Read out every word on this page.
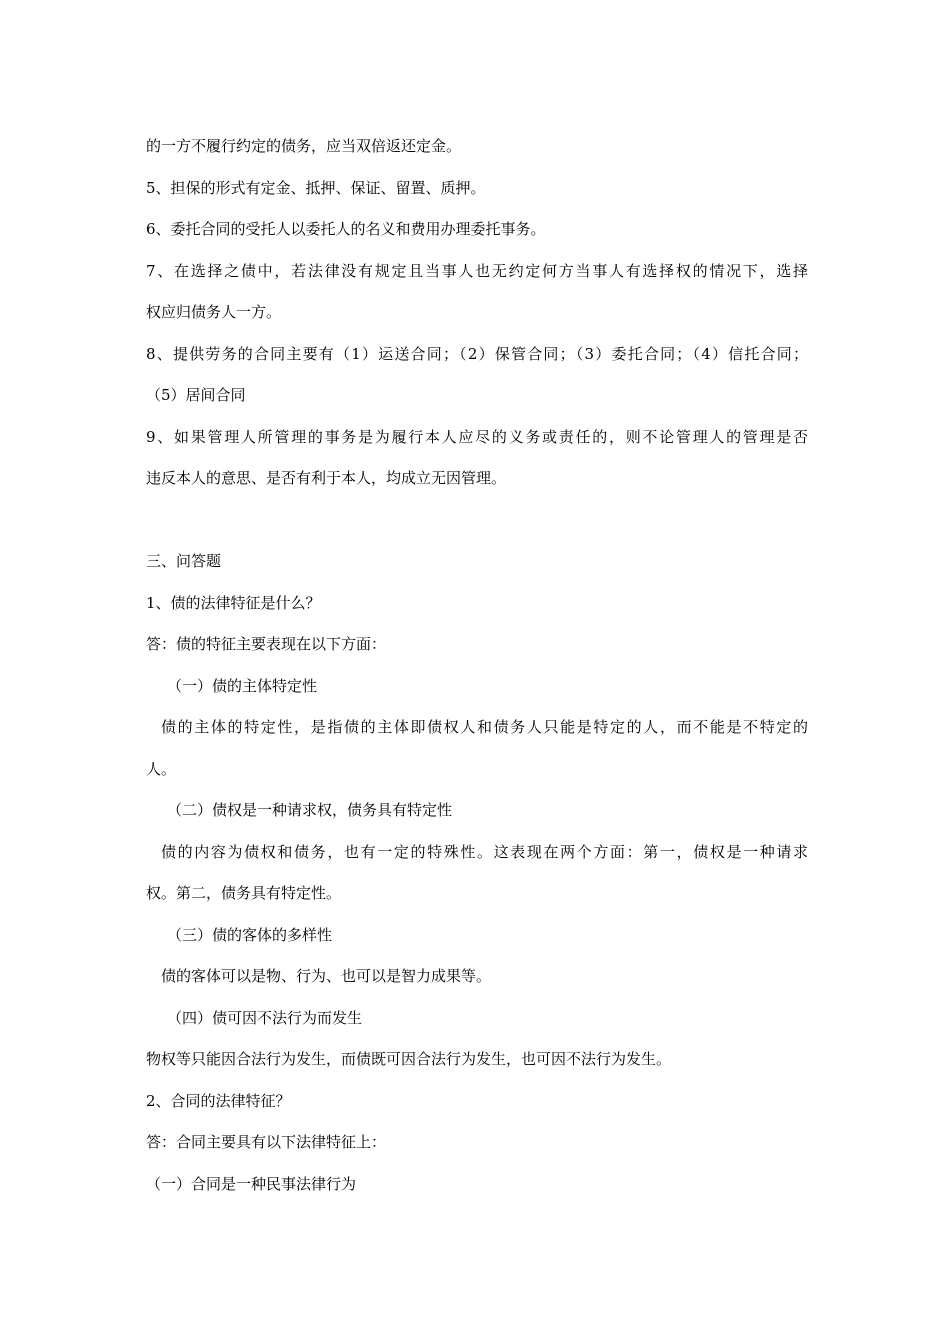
的一方不履行约定的债务，应当双倍返还定金。
5、担保的形式有定金、抵押、保证、留置、质押。
6、委托合同的受托人以委托人的名义和费用办理委托事务。
7、在选择之债中，若法律没有规定且当事人也无约定何方当事人有选择权的情况下，选择
权应归债务人一方。
8、提供劳务的合同主要有（1）运送合同；（2）保管合同；（3）委托合同；（4）信托合同；
（5）居间合同
9、如果管理人所管理的事务是为履行本人应尽的义务或责任的，则不论管理人的管理是否
违反本人的意思、是否有利于本人，均成立无因管理。
三、问答题
1、债的法律特征是什么？
答：债的特征主要表现在以下方面：
（一）债的主体特定性
债的主体的特定性，是指债的主体即债权人和债务人只能是特定的人，而不能是不特定的
人。
（二）债权是一种请求权，债务具有特定性
债的内容为债权和债务，也有一定的特殊性。这表现在两个方面：第一，债权是一种请求
权。第二，债务具有特定性。
（三）债的客体的多样性
债的客体可以是物、行为、也可以是智力成果等。
（四）债可因不法行为而发生
物权等只能因合法行为发生，而债既可因合法行为发生，也可因不法行为发生。
2、合同的法律特征？
答：合同主要具有以下法律特征上：
（一）合同是一种民事法律行为
